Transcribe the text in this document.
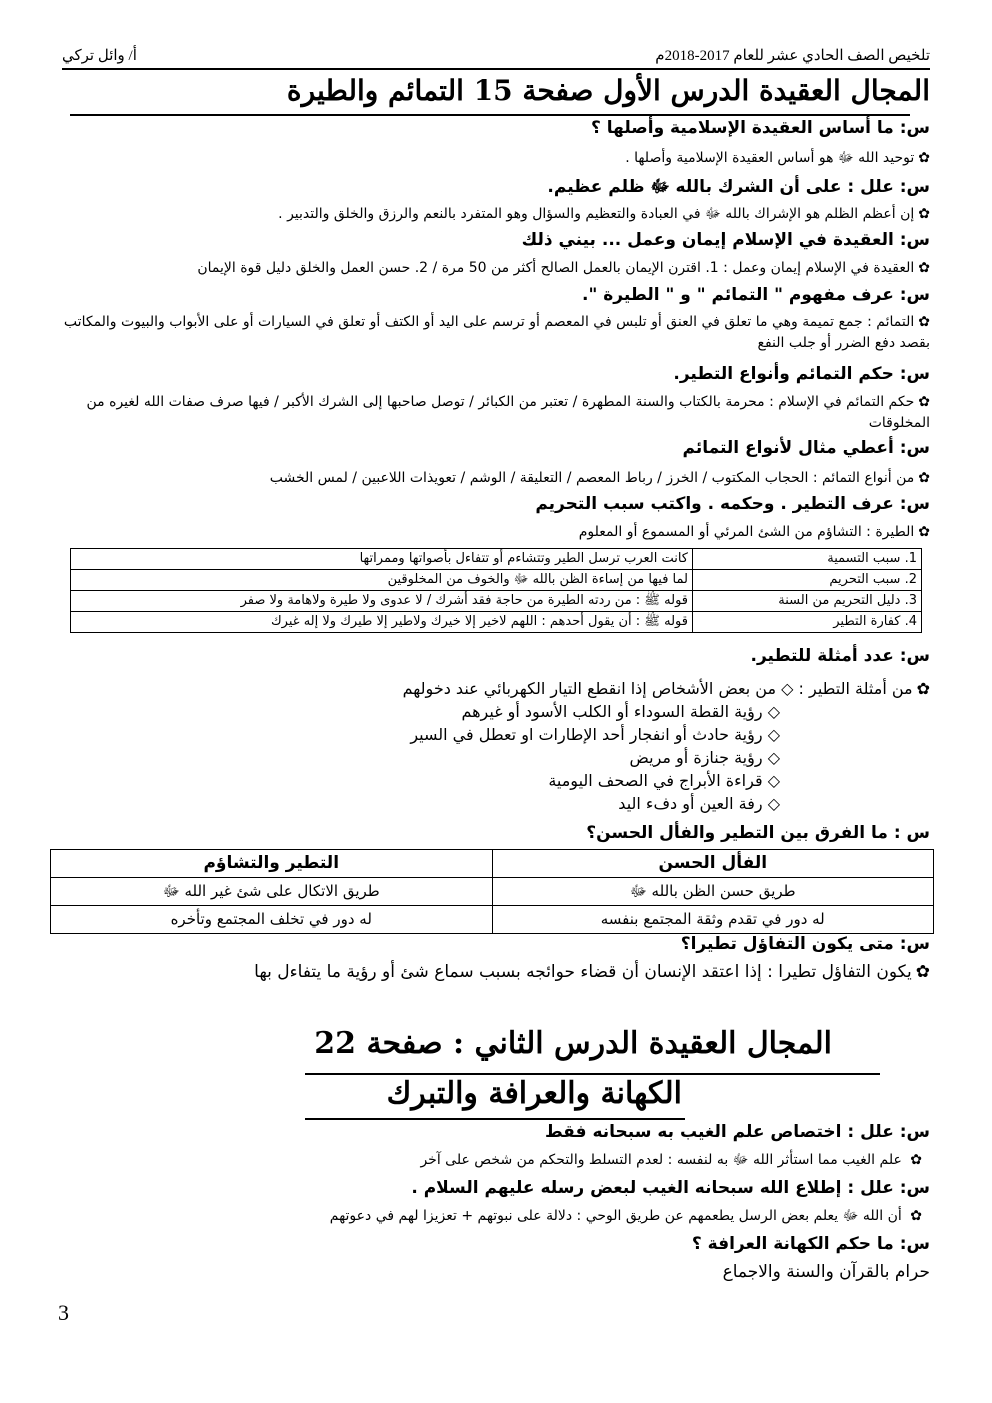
تلخيص الصف الحادي عشر للعام 2017-2018م
أ/ وائل تركي
المجال العقيدة الدرس الأول صفحة 15 التمائم والطيرة
س: ما أساس العقيدة الإسلامية وأصلها ؟
✿توحيد الله ﷻ هو أساس العقيدة الإسلامية وأصلها .
س: علل : على أن الشرك بالله ﷻ ظلم عظيم.
✿إن أعظم الظلم هو الإشراك بالله ﷻ في العبادة والتعظيم والسؤال وهو المتفرد بالنعم والرزق والخلق والتدبير .
س: العقيدة في الإسلام إيمان وعمل ... بيني ذلك
✿العقيدة في الإسلام إيمان وعمل : 1. اقترن الإيمان بالعمل الصالح أكثر من 50 مرة / 2. حسن العمل والخلق دليل قوة الإيمان
س: عرف مفهوم " التمائم " و " الطيرة ".
✿التمائم : جمع تميمة وهي ما تعلق في العنق أو تلبس في المعصم أو ترسم على اليد أو الكتف أو تعلق في السيارات أو على الأبواب والبيوت والمكاتب بقصد دفع الضرر أو جلب النفع
س: حكم التمائم وأنواع التطير.
✿حكم التمائم في الإسلام : محرمة بالكتاب والسنة المطهرة / تعتبر من الكبائر / توصل صاحبها إلى الشرك الأكبر / فيها صرف صفات الله لغيره من المخلوقات
س: أعطي مثال لأنواع التمائم
✿من أنواع التمائم : الحجاب المكتوب / الخرز / رباط المعصم / التعليقة / الوشم / تعويذات اللاعبين / لمس الخشب
س: عرف التطير . وحكمه . واكتب سبب التحريم
✿الطيرة : التشاؤم من الشئ المرئي أو المسموع أو المعلوم
1. سبب التسمية	كانت العرب ترسل الطير وتتشاءم أو تتفاءل بأصواتها وممراتها
2. سبب التحريم	لما فيها من إساءة الظن بالله ﷻ والخوف من المخلوقين
3. دليل التحريم من السنة	قوله ﷺ : من ردته الطيرة من حاجة فقد أشرك / لا عدوى ولا طيرة ولاهامة ولا صفر
4. كفارة التطير	قوله ﷺ : أن يقول أحدهم : اللهم لاخير إلا خيرك ولاطير إلا طيرك ولا إله غيرك
س: عدد أمثلة للتطير.
✿من أمثلة التطير : ◇ من بعض الأشخاص إذا انقطع التيار الكهربائي عند دخولهم
◇ رؤية القطة السوداء أو الكلب الأسود أو غيرهم
◇ رؤية حادث أو انفجار أحد الإطارات او تعطل في السير
◇ رؤية جنازة أو مريض
◇ قراءة الأبراج في الصحف اليومية
◇ رفة العين أو دفء اليد
س : ما الفرق بين التطير والفأل الحسن؟
الفأل الحسن	التطير والتشاؤم
طريق حسن الظن بالله ﷻ	طريق الاتكال على شئ غير الله ﷻ
له دور في تقدم وثقة المجتمع بنفسه	له دور في تخلف المجتمع وتأخره
س: متى يكون التفاؤل تطيرا؟
✿يكون التفاؤل تطيرا : إذا اعتقد الإنسان أن قضاء حوائجه بسبب سماع شئ أو رؤية ما يتفاءل بها
المجال العقيدة الدرس الثاني : صفحة 22
الكهانة والعرافة والتبرك
س: علل : اختصاص علم الغيب به سبحانه فقط
✿ علم الغيب مما استأثر الله ﷻ به لنفسه : لعدم التسلط والتحكم من شخص على آخر
س: علل : إطلاع الله سبحانه الغيب لبعض رسله عليهم السلام .
✿ أن الله ﷻ يعلم بعض الرسل يطعمهم عن طريق الوحي : دلالة على نبوتهم + تعزيزا لهم في دعوتهم
س: ما حكم الكهانة العرافة ؟
حرام بالقرآن والسنة والاجماع
3
